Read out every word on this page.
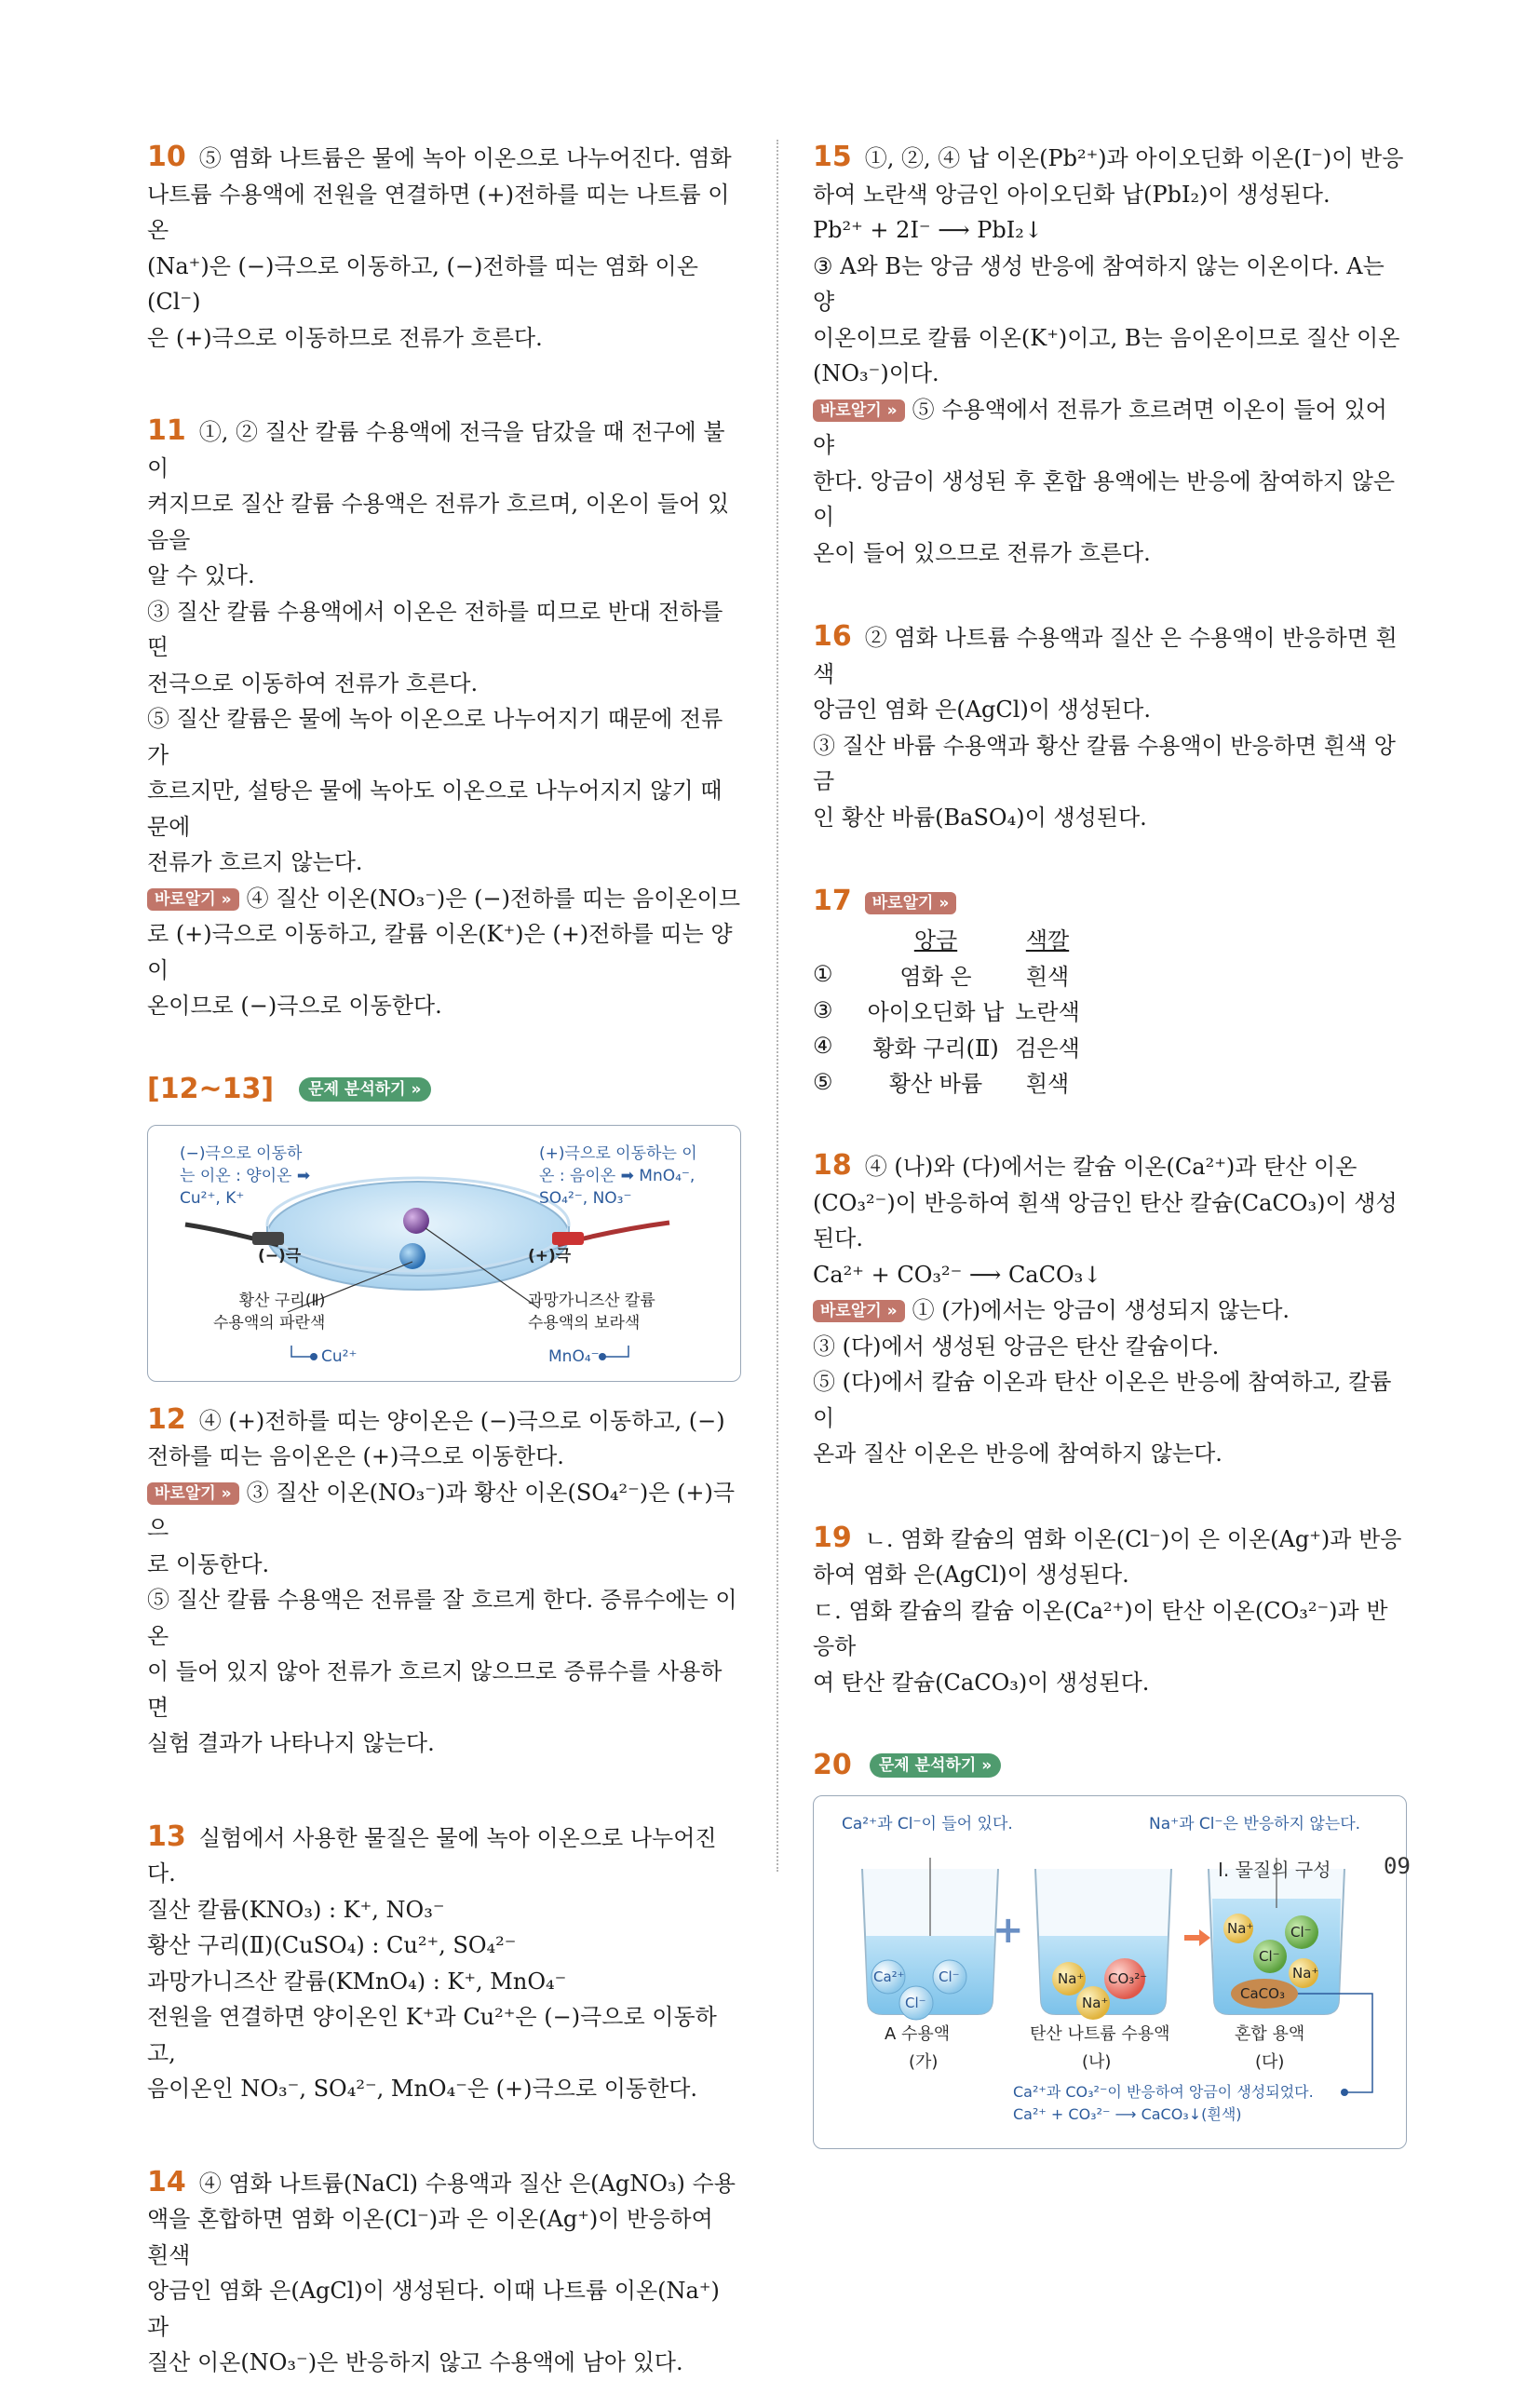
10 ⑤ 염화 나트륨은 물에 녹아 이온으로 나누어진다. 염화

나트륨 수용액에 전원을 연결하면 (+)전하를 띠는 나트륨 이온

(Na⁺)은 (−)극으로 이동하고, (−)전하를 띠는 염화 이온(Cl⁻)

은 (+)극으로 이동하므로 전류가 흐른다.

11 ①, ② 질산 칼륨 수용액에 전극을 담갔을 때 전구에 불이

켜지므로 질산 칼륨 수용액은 전류가 흐르며, 이온이 들어 있음을

알 수 있다.

③ 질산 칼륨 수용액에서 이온은 전하를 띠므로 반대 전하를 띤

전극으로 이동하여 전류가 흐른다.

⑤ 질산 칼륨은 물에 녹아 이온으로 나누어지기 때문에 전류가

흐르지만, 설탕은 물에 녹아도 이온으로 나누어지지 않기 때문에

전류가 흐르지 않는다.

바로알기 » ④ 질산 이온(NO₃⁻)은 (−)전하를 띠는 음이온이므

로 (+)극으로 이동하고, 칼륨 이온(K⁺)은 (+)전하를 띠는 양이

온이므로 (−)극으로 이동한다.

[12~13] 문제 분석하기 »
(−)극으로 이동하
는 이온 : 양이온 ➡
Cu²⁺, K⁺
(+)극으로 이동하는 이
온 : 음이온 ➡ MnO₄⁻,
SO₄²⁻, NO₃⁻
(−)극	(+)극
황산 구리(Ⅱ)
수용액의 파란색
Cu²⁺
과망가니즈산 칼륨
수용액의 보라색
MnO₄⁻

12 ④ (+)전하를 띠는 양이온은 (−)극으로 이동하고, (−)

전하를 띠는 음이온은 (+)극으로 이동한다.

바로알기 » ③ 질산 이온(NO₃⁻)과 황산 이온(SO₄²⁻)은 (+)극으

로 이동한다.

⑤ 질산 칼륨 수용액은 전류를 잘 흐르게 한다. 증류수에는 이온

이 들어 있지 않아 전류가 흐르지 않으므로 증류수를 사용하면

실험 결과가 나타나지 않는다.

13 실험에서 사용한 물질은 물에 녹아 이온으로 나누어진다.

질산 칼륨(KNO₃) : K⁺, NO₃⁻

황산 구리(Ⅱ)(CuSO₄) : Cu²⁺, SO₄²⁻

과망가니즈산 칼륨(KMnO₄) : K⁺, MnO₄⁻

전원을 연결하면 양이온인 K⁺과 Cu²⁺은 (−)극으로 이동하고,

음이온인 NO₃⁻, SO₄²⁻, MnO₄⁻은 (+)극으로 이동한다.

14 ④ 염화 나트륨(NaCl) 수용액과 질산 은(AgNO₃) 수용

액을 혼합하면 염화 이온(Cl⁻)과 은 이온(Ag⁺)이 반응하여 흰색

앙금인 염화 은(AgCl)이 생성된다. 이때 나트륨 이온(Na⁺)과

질산 이온(NO₃⁻)은 반응하지 않고 수용액에 남아 있다.

15 ①, ②, ④ 납 이온(Pb²⁺)과 아이오딘화 이온(I⁻)이 반응

하여 노란색 앙금인 아이오딘화 납(PbI₂)이 생성된다.

Pb²⁺ + 2I⁻ ⟶ PbI₂↓

③ A와 B는 앙금 생성 반응에 참여하지 않는 이온이다. A는 양

이온이므로 칼륨 이온(K⁺)이고, B는 음이온이므로 질산 이온

(NO₃⁻)이다.

바로알기 » ⑤ 수용액에서 전류가 흐르려면 이온이 들어 있어야

한다. 앙금이 생성된 후 혼합 용액에는 반응에 참여하지 않은 이

온이 들어 있으므로 전류가 흐른다.

16 ② 염화 나트륨 수용액과 질산 은 수용액이 반응하면 흰색

앙금인 염화 은(AgCl)이 생성된다.

③ 질산 바륨 수용액과 황산 칼륨 수용액이 반응하면 흰색 앙금

인 황산 바륨(BaSO₄)이 생성된다.

17 바로알기 »

	앙금	색깔
①	염화 은	흰색
③	아이오딘화 납	노란색
④	황화 구리(Ⅱ)	검은색
⑤	황산 바륨	흰색

18 ④ (나)와 (다)에서는 칼슘 이온(Ca²⁺)과 탄산 이온

(CO₃²⁻)이 반응하여 흰색 앙금인 탄산 칼슘(CaCO₃)이 생성된다.

Ca²⁺ + CO₃²⁻ ⟶ CaCO₃↓

바로알기 » ① (가)에서는 앙금이 생성되지 않는다.

③ (다)에서 생성된 앙금은 탄산 칼슘이다.

⑤ (다)에서 칼슘 이온과 탄산 이온은 반응에 참여하고, 칼륨 이

온과 질산 이온은 반응에 참여하지 않는다.

19 ㄴ. 염화 칼슘의 염화 이온(Cl⁻)이 은 이온(Ag⁺)과 반응

하여 염화 은(AgCl)이 생성된다.

ㄷ. 염화 칼슘의 칼슘 이온(Ca²⁺)이 탄산 이온(CO₃²⁻)과 반응하

여 탄산 칼슘(CaCO₃)이 생성된다.

20 문제 분석하기 »
Ca²⁺과 Cl⁻이 들어 있다.	Na⁺과 Cl⁻은 반응하지 않는다.
Ca²⁺ Cl⁻
Cl⁻
Na⁺ CO₃²⁻
Na⁺
Na⁺	Cl⁻
Cl⁻
Na⁺
CaCO₃
+
A 수용액
(가)
탄산 나트륨 수용액
(나)
혼합 용액
(다)
Ca²⁺과 CO₃²⁻이 반응하여 앙금이 생성되었다.
Ca²⁺ + CO₃²⁻ ⟶ CaCO₃↓(흰색)
Ⅰ. 물질의 구성 09
